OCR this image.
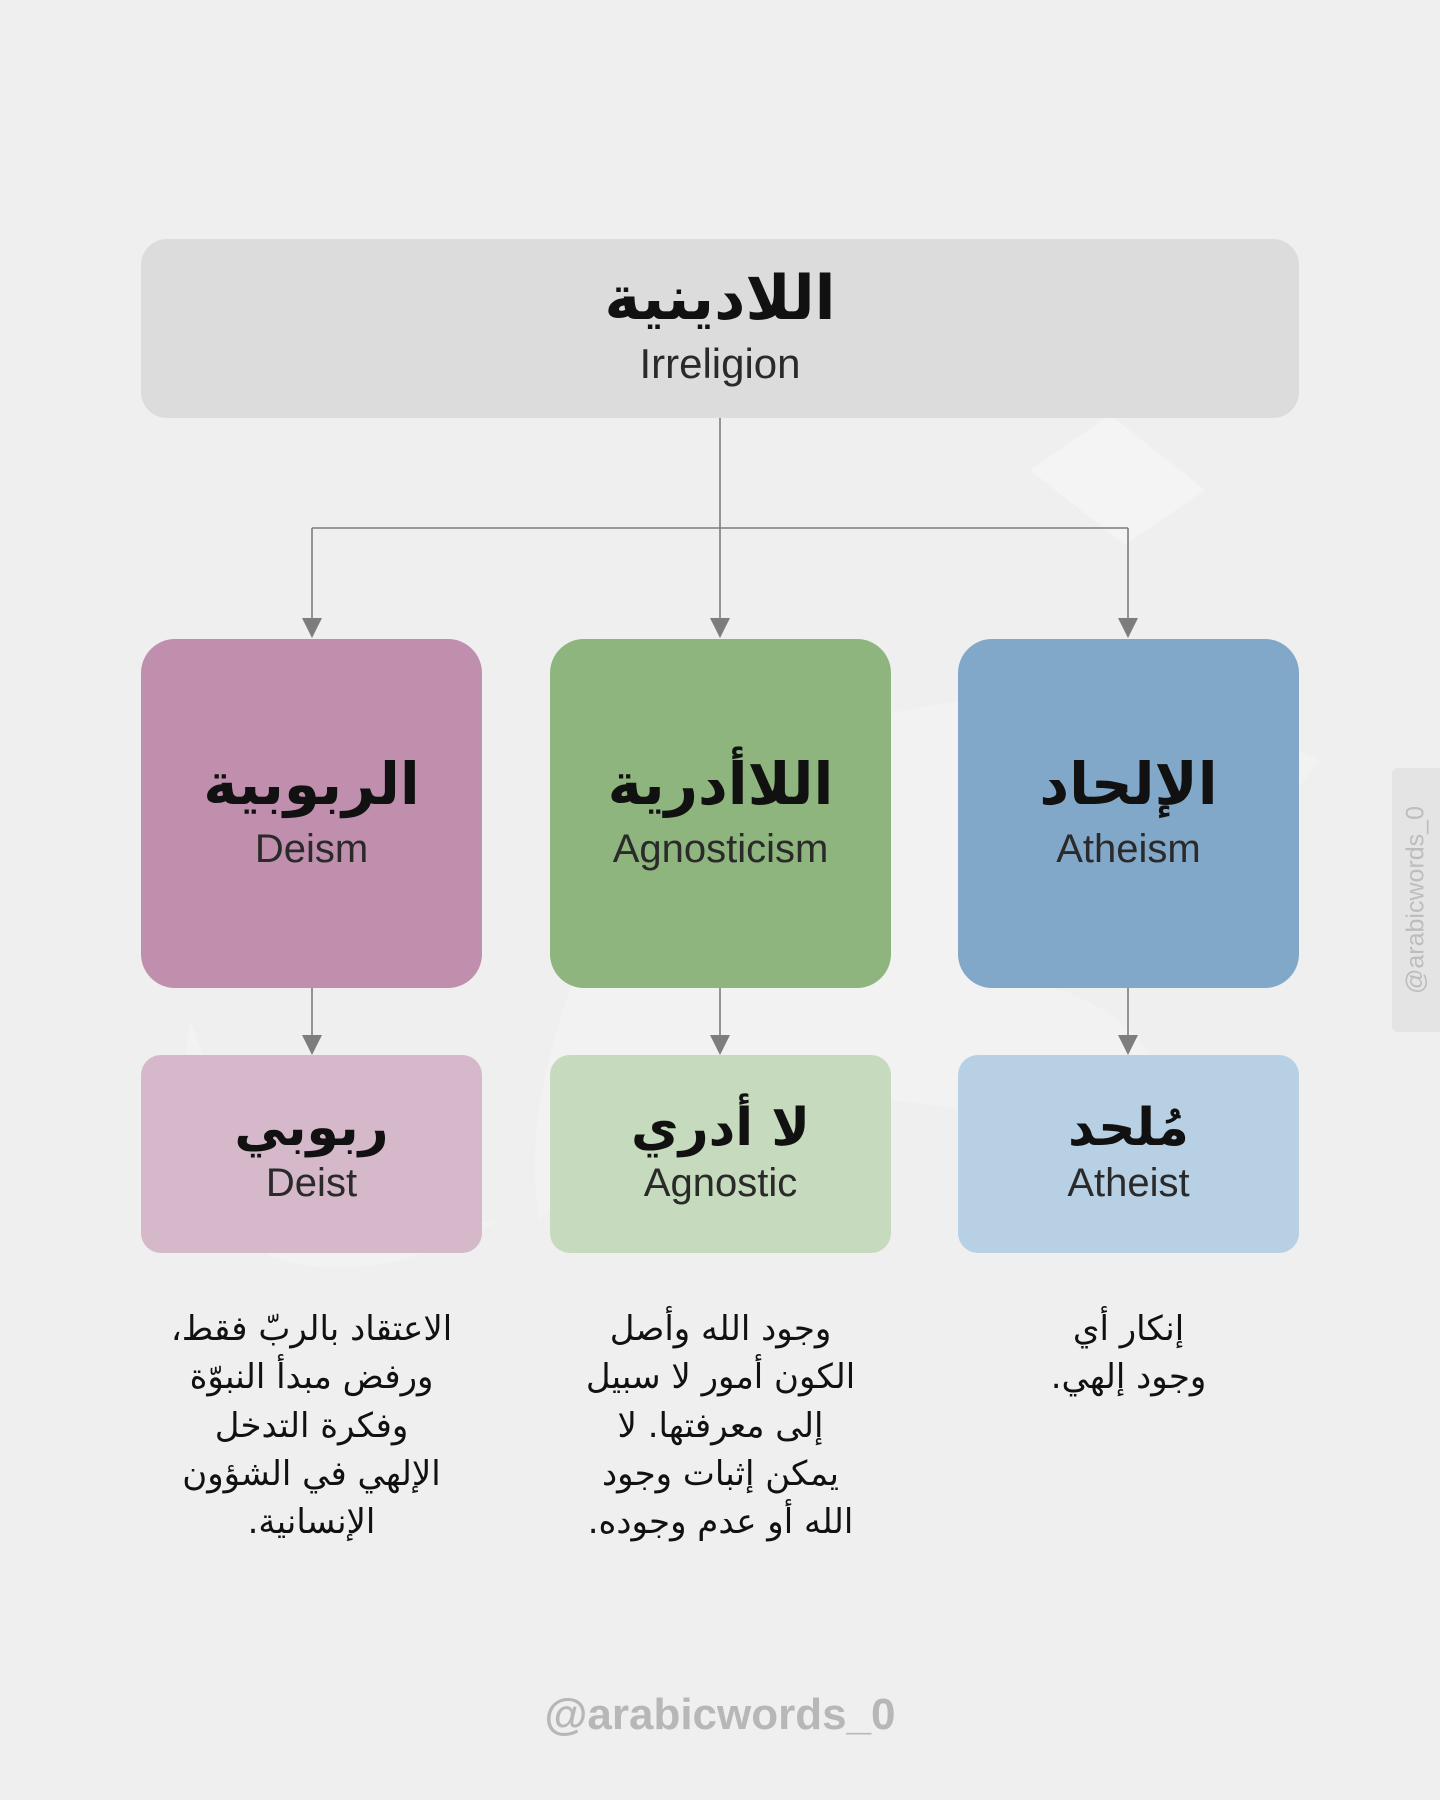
اللادينية
Irreligion
الربوبية
Deism
اللاأدرية
Agnosticism
الإلحاد
Atheism
ربوبي
Deist
لا أدري
Agnostic
مُلحد
Atheist
الاعتقاد بالربّ فقط،
ورفض مبدأ النبوّة
وفكرة التدخل
الإلهي في الشؤون
الإنسانية.
وجود الله وأصل
الكون أمور لا سبيل
إلى معرفتها. لا
يمكن إثبات وجود
الله أو عدم وجوده.
إنكار أي
وجود إلهي.
@arabicwords_0
@arabicwords_0
